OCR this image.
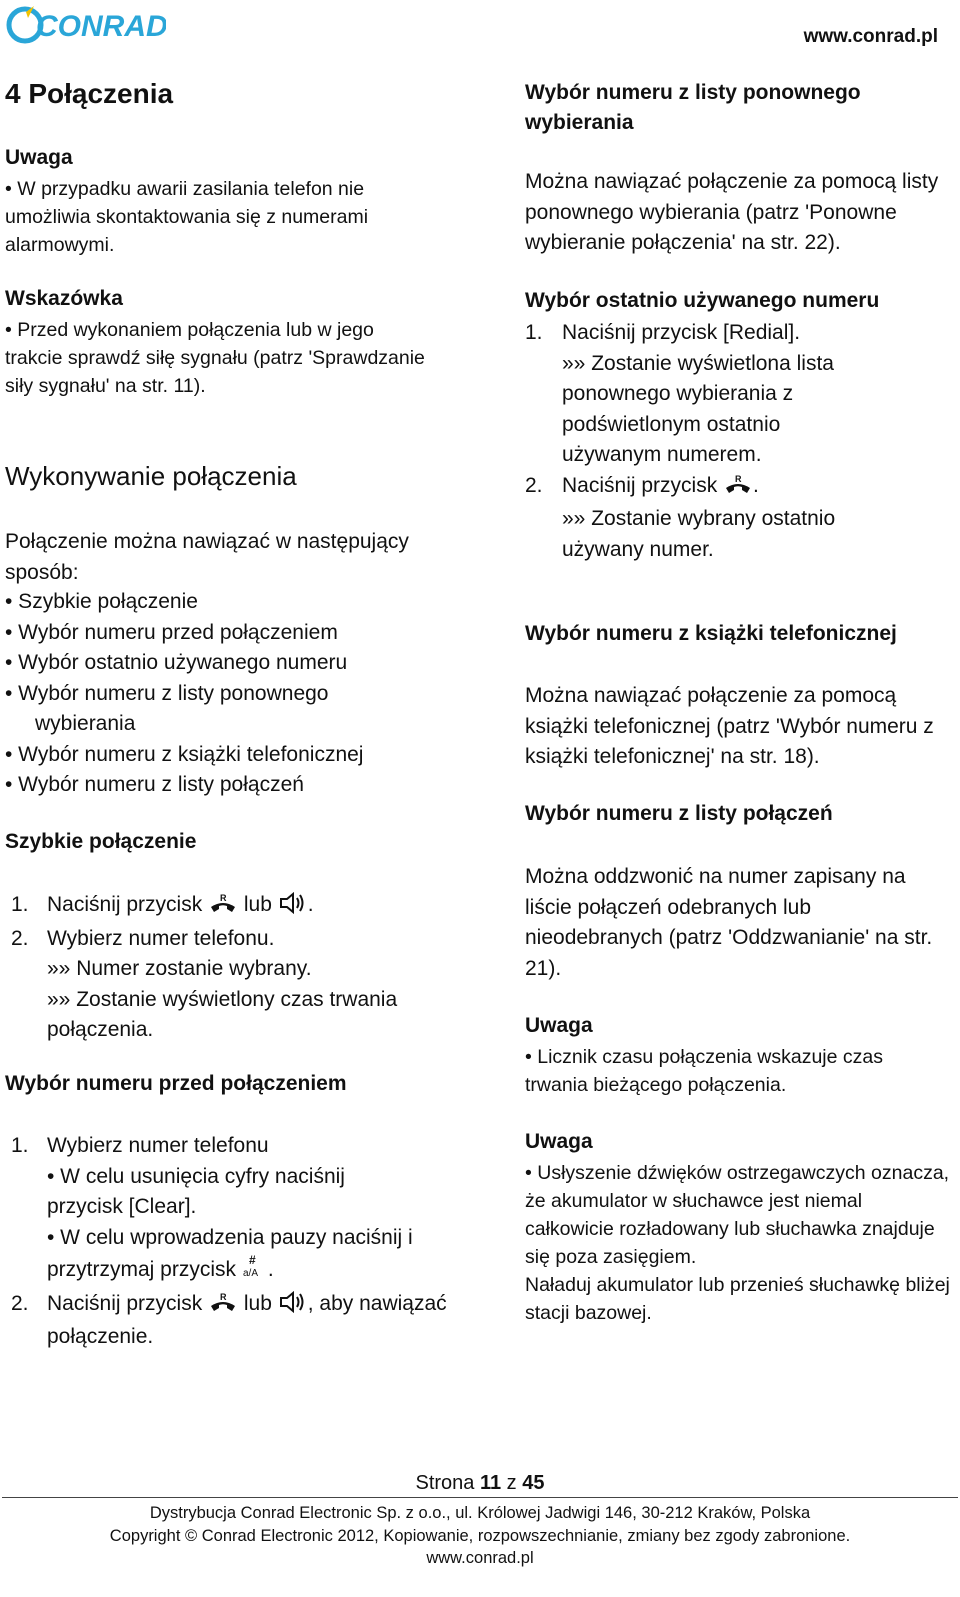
CONRAD	www.conrad.pl
4 Połączenia
Uwaga
• W przypadku awarii zasilania telefon nie umożliwia skontaktowania się z numerami alarmowymi.
Wskazówka
• Przed wykonaniem połączenia lub w jego trakcie sprawdź siłę sygnału (patrz 'Sprawdzanie siły sygnału' na str. 11).
Wykonywanie połączenia
Połączenie można nawiązać w następujący sposób:
• Szybkie połączenie
• Wybór numeru przed połączeniem
• Wybór ostatnio używanego numeru
• Wybór numeru z listy ponownego wybierania
• Wybór numeru z książki telefonicznej
• Wybór numeru z listy połączeń
Szybkie połączenie
1. Naciśnij przycisk R lub .
2. Wybierz numer telefonu.
»» Numer zostanie wybrany.
»» Zostanie wyświetlony czas trwania połączenia.
Wybór numeru przed połączeniem
1. Wybierz numer telefonu
• W celu usunięcia cyfry naciśnij przycisk [Clear].
• W celu wprowadzenia pauzy naciśnij i przytrzymaj przycisk #
a/A .
2. Naciśnij przycisk R lub , aby nawiązać połączenie.
Wybór numeru z listy ponownego wybierania
Można nawiązać połączenie za pomocą listy ponownego wybierania (patrz 'Ponowne wybieranie połączenia' na str. 22).
Wybór ostatnio używanego numeru
1. Naciśnij przycisk [Redial].
»» Zostanie wyświetlona lista ponownego wybierania z podświetlonym ostatnio używanym numerem.
2. Naciśnij przycisk R .
»» Zostanie wybrany ostatnio używany numer.
Wybór numeru z książki telefonicznej
Można nawiązać połączenie za pomocą książki telefonicznej (patrz 'Wybór numeru z książki telefonicznej' na str. 18).
Wybór numeru z listy połączeń
Można oddzwonić na numer zapisany na liście połączeń odebranych lub nieodebranych (patrz 'Oddzwanianie' na str. 21).
Uwaga
• Licznik czasu połączenia wskazuje czas trwania bieżącego połączenia.
Uwaga
• Usłyszenie dźwięków ostrzegawczych oznacza, że akumulator w słuchawce jest niemal całkowicie rozładowany lub słuchawka znajduje się poza zasięgiem.
Naładuj akumulator lub przenieś słuchawkę bliżej stacji bazowej.
Strona 11 z 45
Dystrybucja Conrad Electronic Sp. z o.o., ul. Królowej Jadwigi 146, 30-212 Kraków, Polska
Copyright © Conrad Electronic 2012, Kopiowanie, rozpowszechnianie, zmiany bez zgody zabronione.
www.conrad.pl
